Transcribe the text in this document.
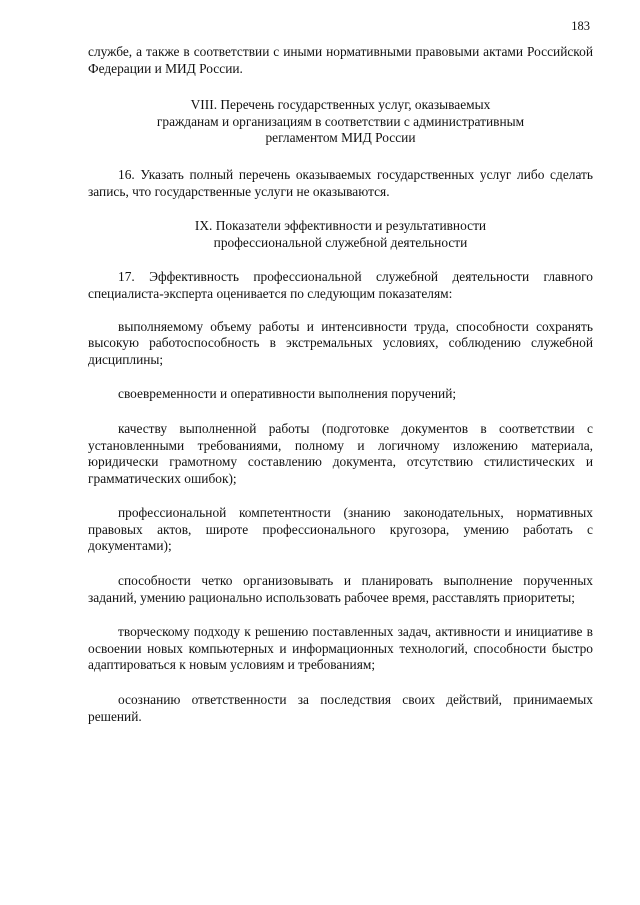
183

службе, а также в соответствии с иными нормативными правовыми актами Российской Федерации и МИД России.

VIII. Перечень государственных услуг, оказываемых
гражданам и организациям в соответствии с административным
регламентом МИД России

16. Указать полный перечень оказываемых государственных услуг либо сделать запись, что государственные услуги не оказываются.

IX. Показатели эффективности и результативности
профессиональной служебной деятельности

17. Эффективность профессиональной служебной деятельности главного специалиста-эксперта оценивается по следующим показателям:

выполняемому объему работы и интенсивности труда, способности сохранять высокую работоспособность в экстремальных условиях, соблюдению служебной дисциплины;

своевременности и оперативности выполнения поручений;

качеству выполненной работы (подготовке документов в соответствии с установленными требованиями, полному и логичному изложению материала, юридически грамотному составлению документа, отсутствию стилистических и грамматических ошибок);

профессиональной компетентности (знанию законодательных, нормативных правовых актов, широте профессионального кругозора, умению работать с документами);

способности четко организовывать и планировать выполнение порученных заданий, умению рационально использовать рабочее время, расставлять приоритеты;

творческому подходу к решению поставленных задач, активности и инициативе в освоении новых компьютерных и информационных технологий, способности быстро адаптироваться к новым условиям и требованиям;

осознанию ответственности за последствия своих действий, принимаемых решений.
